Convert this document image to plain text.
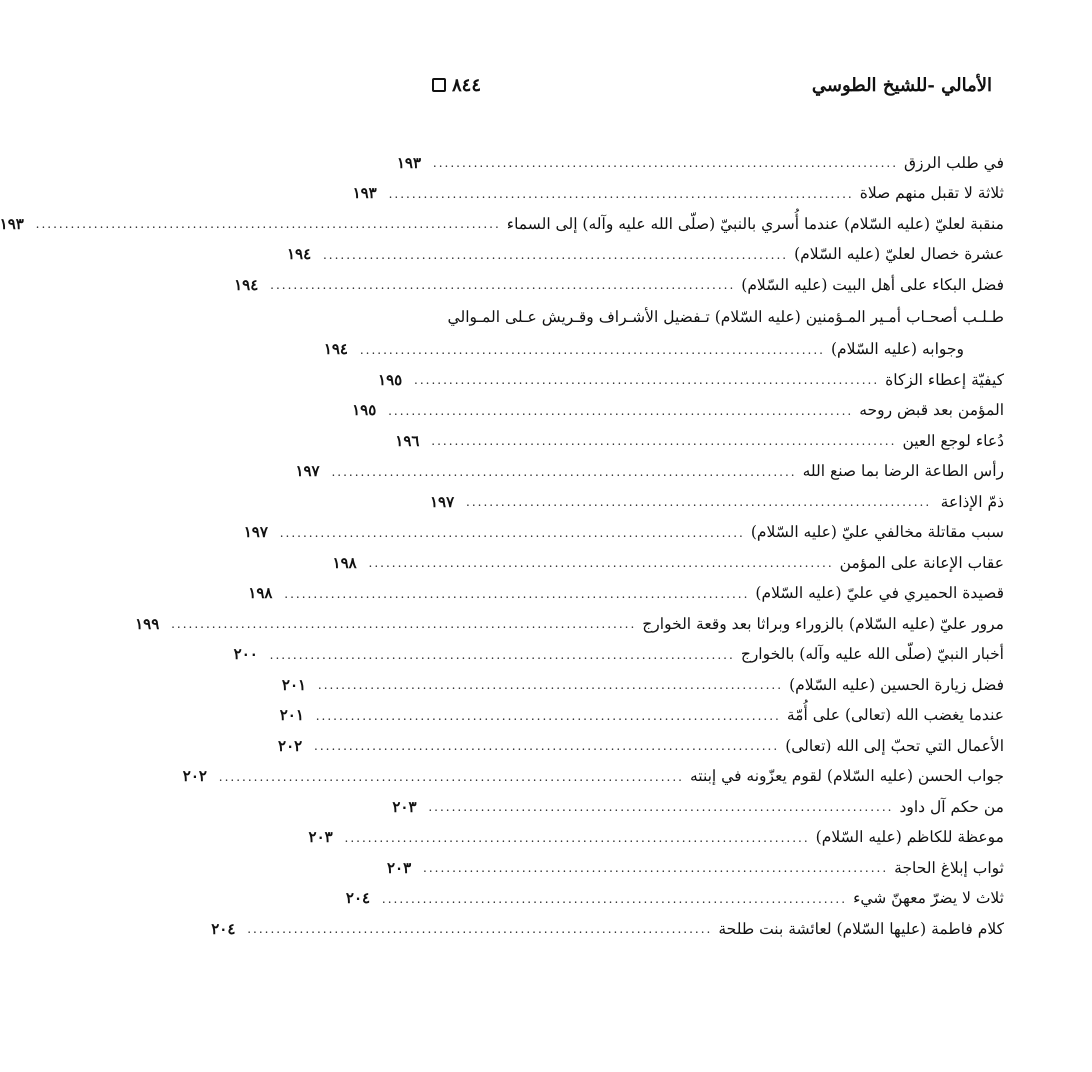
الأمالي -للشيخ الطوسي
٨٤٤
في طلب الرزق
................................................................................
١٩٣
ثلاثة لا تقبل منهم صلاة
................................................................................
١٩٣
منقبة لعليّ (عليه السّلام) عندما أُسري بالنبيّ (صلّى الله عليه وآله) إلى السماء
................................................................................
١٩٣
عشرة خصال لعليّ (عليه السّلام)
................................................................................
١٩٤
فضل البكاء على أهل البيت (عليه السّلام)
................................................................................
١٩٤
طـلـب أصحـاب أمـير المـؤمنين (عليه السّلام) تـفضيل الأشـراف وقـريش عـلى المـوالي
وجوابه (عليه السّلام)
................................................................................
١٩٤
كيفيّة إعطاء الزكاة
................................................................................
١٩٥
المؤمن بعد قبض روحه
................................................................................
١٩٥
دُعاء لوجع العين
................................................................................
١٩٦
رأس الطاعة الرضا بما صنع الله
................................................................................
١٩٧
ذمّ الإذاعة
................................................................................
١٩٧
سبب مقاتلة مخالفي عليّ (عليه السّلام)
................................................................................
١٩٧
عقاب الإعانة على المؤمن
................................................................................
١٩٨
قصيدة الحميري في عليّ (عليه السّلام)
................................................................................
١٩٨
مرور عليّ (عليه السّلام) بالزوراء وبراثا بعد وقعة الخوارج
................................................................................
١٩٩
أخبار النبيّ (صلّى الله عليه وآله) بالخوارج
................................................................................
٢٠٠
فضل زيارة الحسين (عليه السّلام)
................................................................................
٢٠١
عندما يغضب الله (تعالى) على أُمّة
................................................................................
٢٠١
الأعمال التي تحبّ إلى الله (تعالى)
................................................................................
٢٠٢
جواب الحسن (عليه السّلام) لقوم يعزّونه في إبنته
................................................................................
٢٠٢
من حكم آل داود
................................................................................
٢٠٣
موعظة للكاظم (عليه السّلام)
................................................................................
٢٠٣
ثواب إبلاغ الحاجة
................................................................................
٢٠٣
ثلاث لا يضرّ معهنّ شيء
................................................................................
٢٠٤
كلام فاطمة (عليها السّلام) لعائشة بنت طلحة
................................................................................
٢٠٤
